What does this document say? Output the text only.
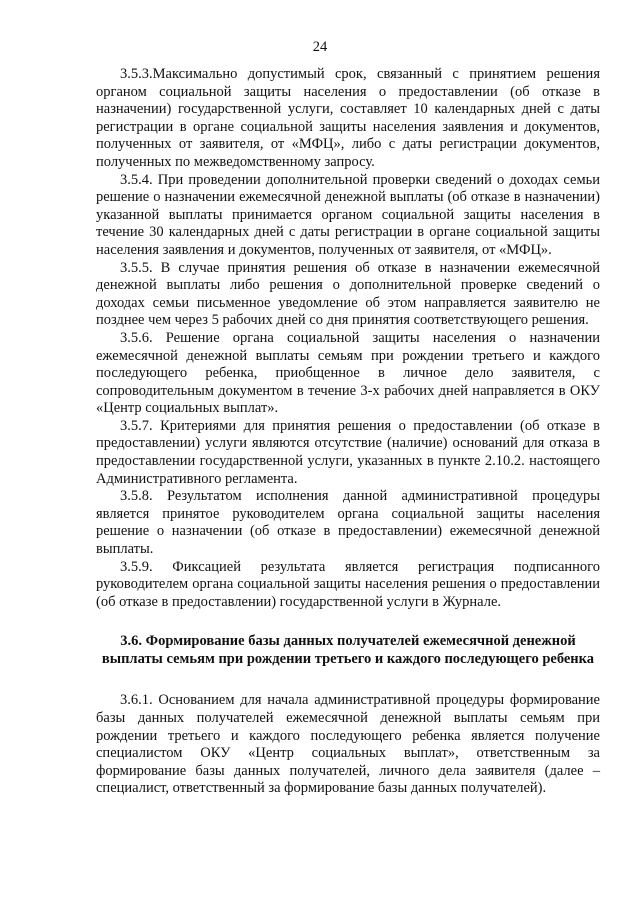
24

3.5.3.Максимально допустимый срок, связанный с принятием решения органом социальной защиты населения о предоставлении (об отказе в назначении) государственной услуги, составляет 10 календарных дней с даты регистрации в органе социальной защиты населения заявления и документов, полученных от заявителя, от «МФЦ», либо с даты регистрации документов, полученных по межведомственному запросу.

3.5.4. При проведении дополнительной проверки сведений о доходах семьи решение о назначении ежемесячной денежной выплаты (об отказе в назначении) указанной выплаты принимается органом социальной защиты населения в течение 30 календарных дней с даты регистрации в органе социальной защиты населения заявления и документов, полученных от заявителя, от «МФЦ».

3.5.5. В случае принятия решения об отказе в назначении ежемесячной денежной выплаты либо решения о дополнительной проверке сведений о доходах семьи письменное уведомление об этом направляется заявителю не позднее чем через 5 рабочих дней со дня принятия соответствующего решения.

3.5.6. Решение органа социальной защиты населения о назначении ежемесячной денежной выплаты семьям при рождении третьего и каждого последующего ребенка, приобщенное в личное дело заявителя, с сопроводительным документом в течение 3-х рабочих дней направляется в ОКУ «Центр социальных выплат».

3.5.7. Критериями для принятия решения о предоставлении (об отказе в предоставлении) услуги являются отсутствие (наличие) оснований для отказа в предоставлении государственной услуги, указанных в пункте 2.10.2. настоящего Административного регламента.

3.5.8. Результатом исполнения данной административной процедуры является принятое руководителем органа социальной защиты населения решение о назначении (об отказе в предоставлении) ежемесячной денежной выплаты.

3.5.9. Фиксацией результата является регистрация подписанного руководителем органа социальной защиты населения решения о предоставлении (об отказе в предоставлении) государственной услуги в Журнале.

3.6. Формирование базы данных получателей ежемесячной денежной выплаты семьям при рождении третьего и каждого последующего ребенка

3.6.1. Основанием для начала административной процедуры формирование базы данных получателей ежемесячной денежной выплаты семьям при рождении третьего и каждого последующего ребенка является получение специалистом ОКУ «Центр социальных выплат», ответственным за формирование базы данных получателей, личного дела заявителя (далее – специалист, ответственный за формирование базы данных получателей).
